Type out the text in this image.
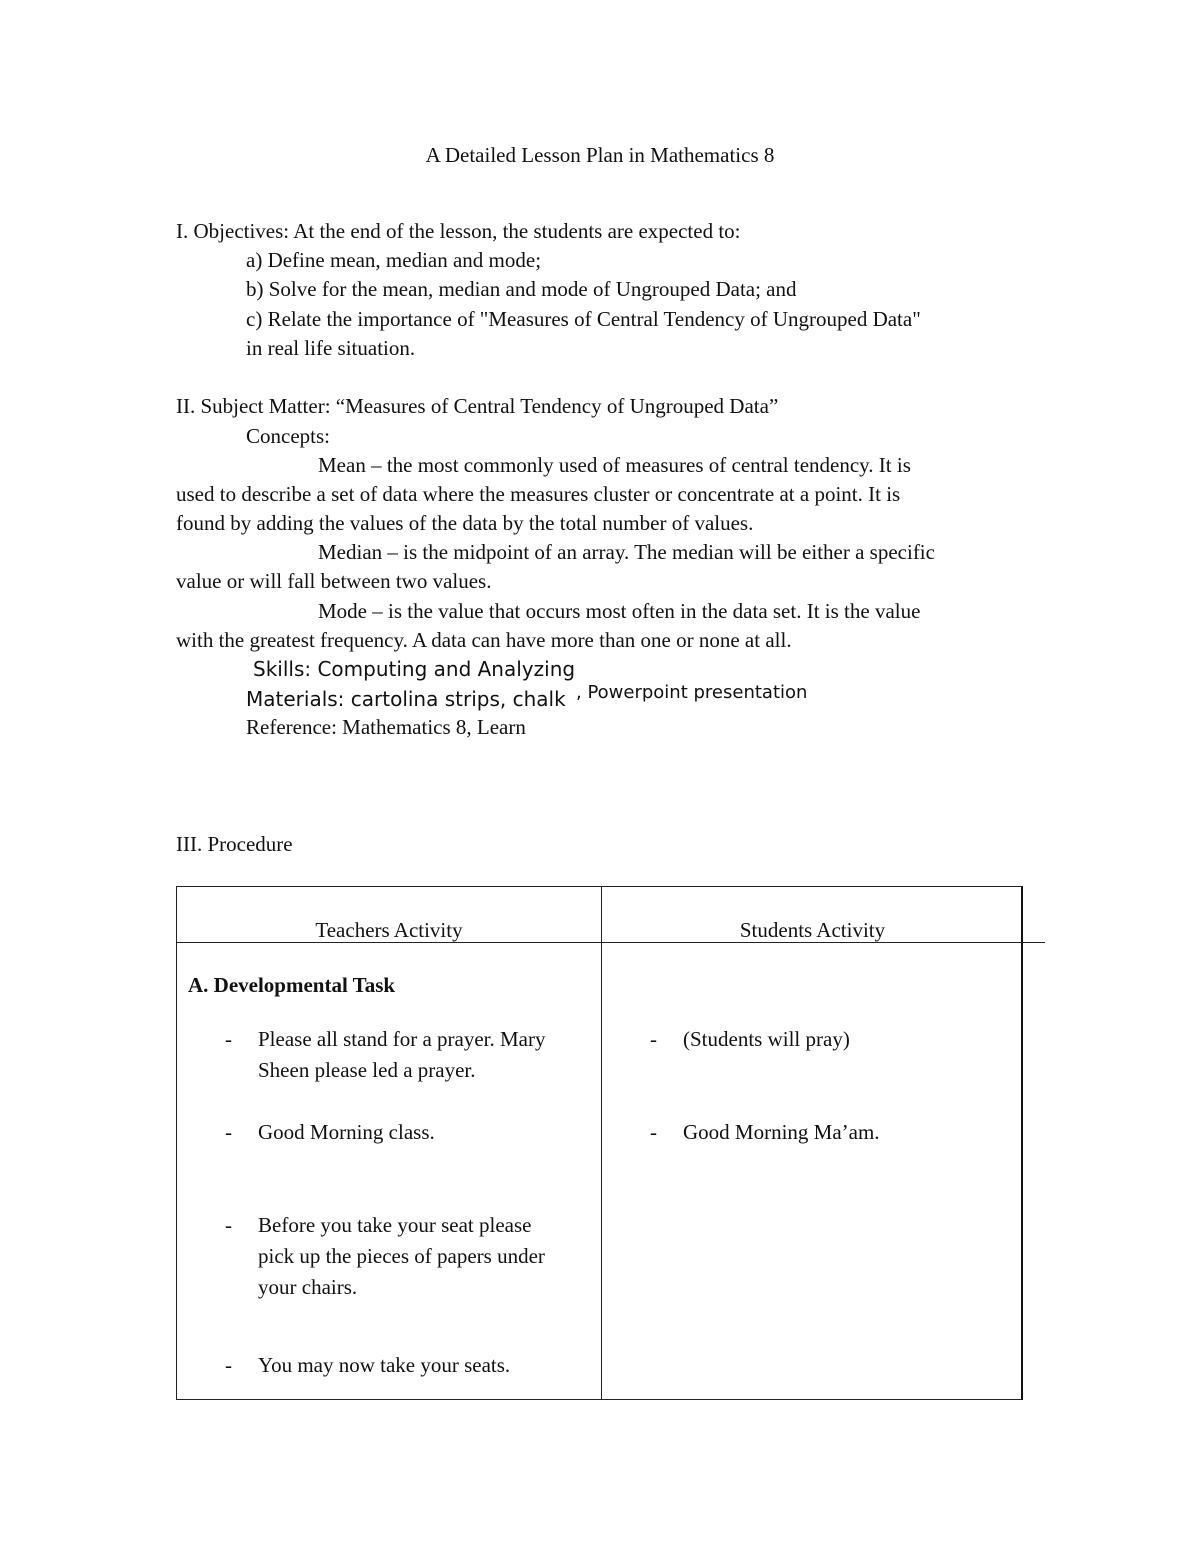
A Detailed Lesson Plan in Mathematics 8
I. Objectives: At the end of the lesson, the students are expected to:
a) Define mean, median and mode;
b) Solve for the mean, median and mode of Ungrouped Data; and
c) Relate the importance of "Measures of Central Tendency of Ungrouped Data"
in real life situation.
II. Subject Matter: “Measures of Central Tendency of Ungrouped Data”
Concepts:
Mean – the most commonly used of measures of central tendency. It is
used to describe a set of data where the measures cluster or concentrate at a point. It is
found by adding the values of the data by the total number of values.
Median – is the midpoint of an array. The median will be either a specific
value or will fall between two values.
Mode – is the value that occurs most often in the data set. It is the value
with the greatest frequency. A data can have more than one or none at all.
Skills: Computing and Analyzing
Materials: cartolina strips, chalk , Powerpoint presentation
Reference: Mathematics 8, Learn
III. Procedure
Teachers Activity	Students Activity
A. Developmental Task
- Please all stand for a prayer. Mary
Sheen please led a prayer.
- Good Morning class.
- Before you take your seat please
pick up the pieces of papers under
your chairs.
- You may now take your seats.
- (Students will pray)
- Good Morning Ma’am.
